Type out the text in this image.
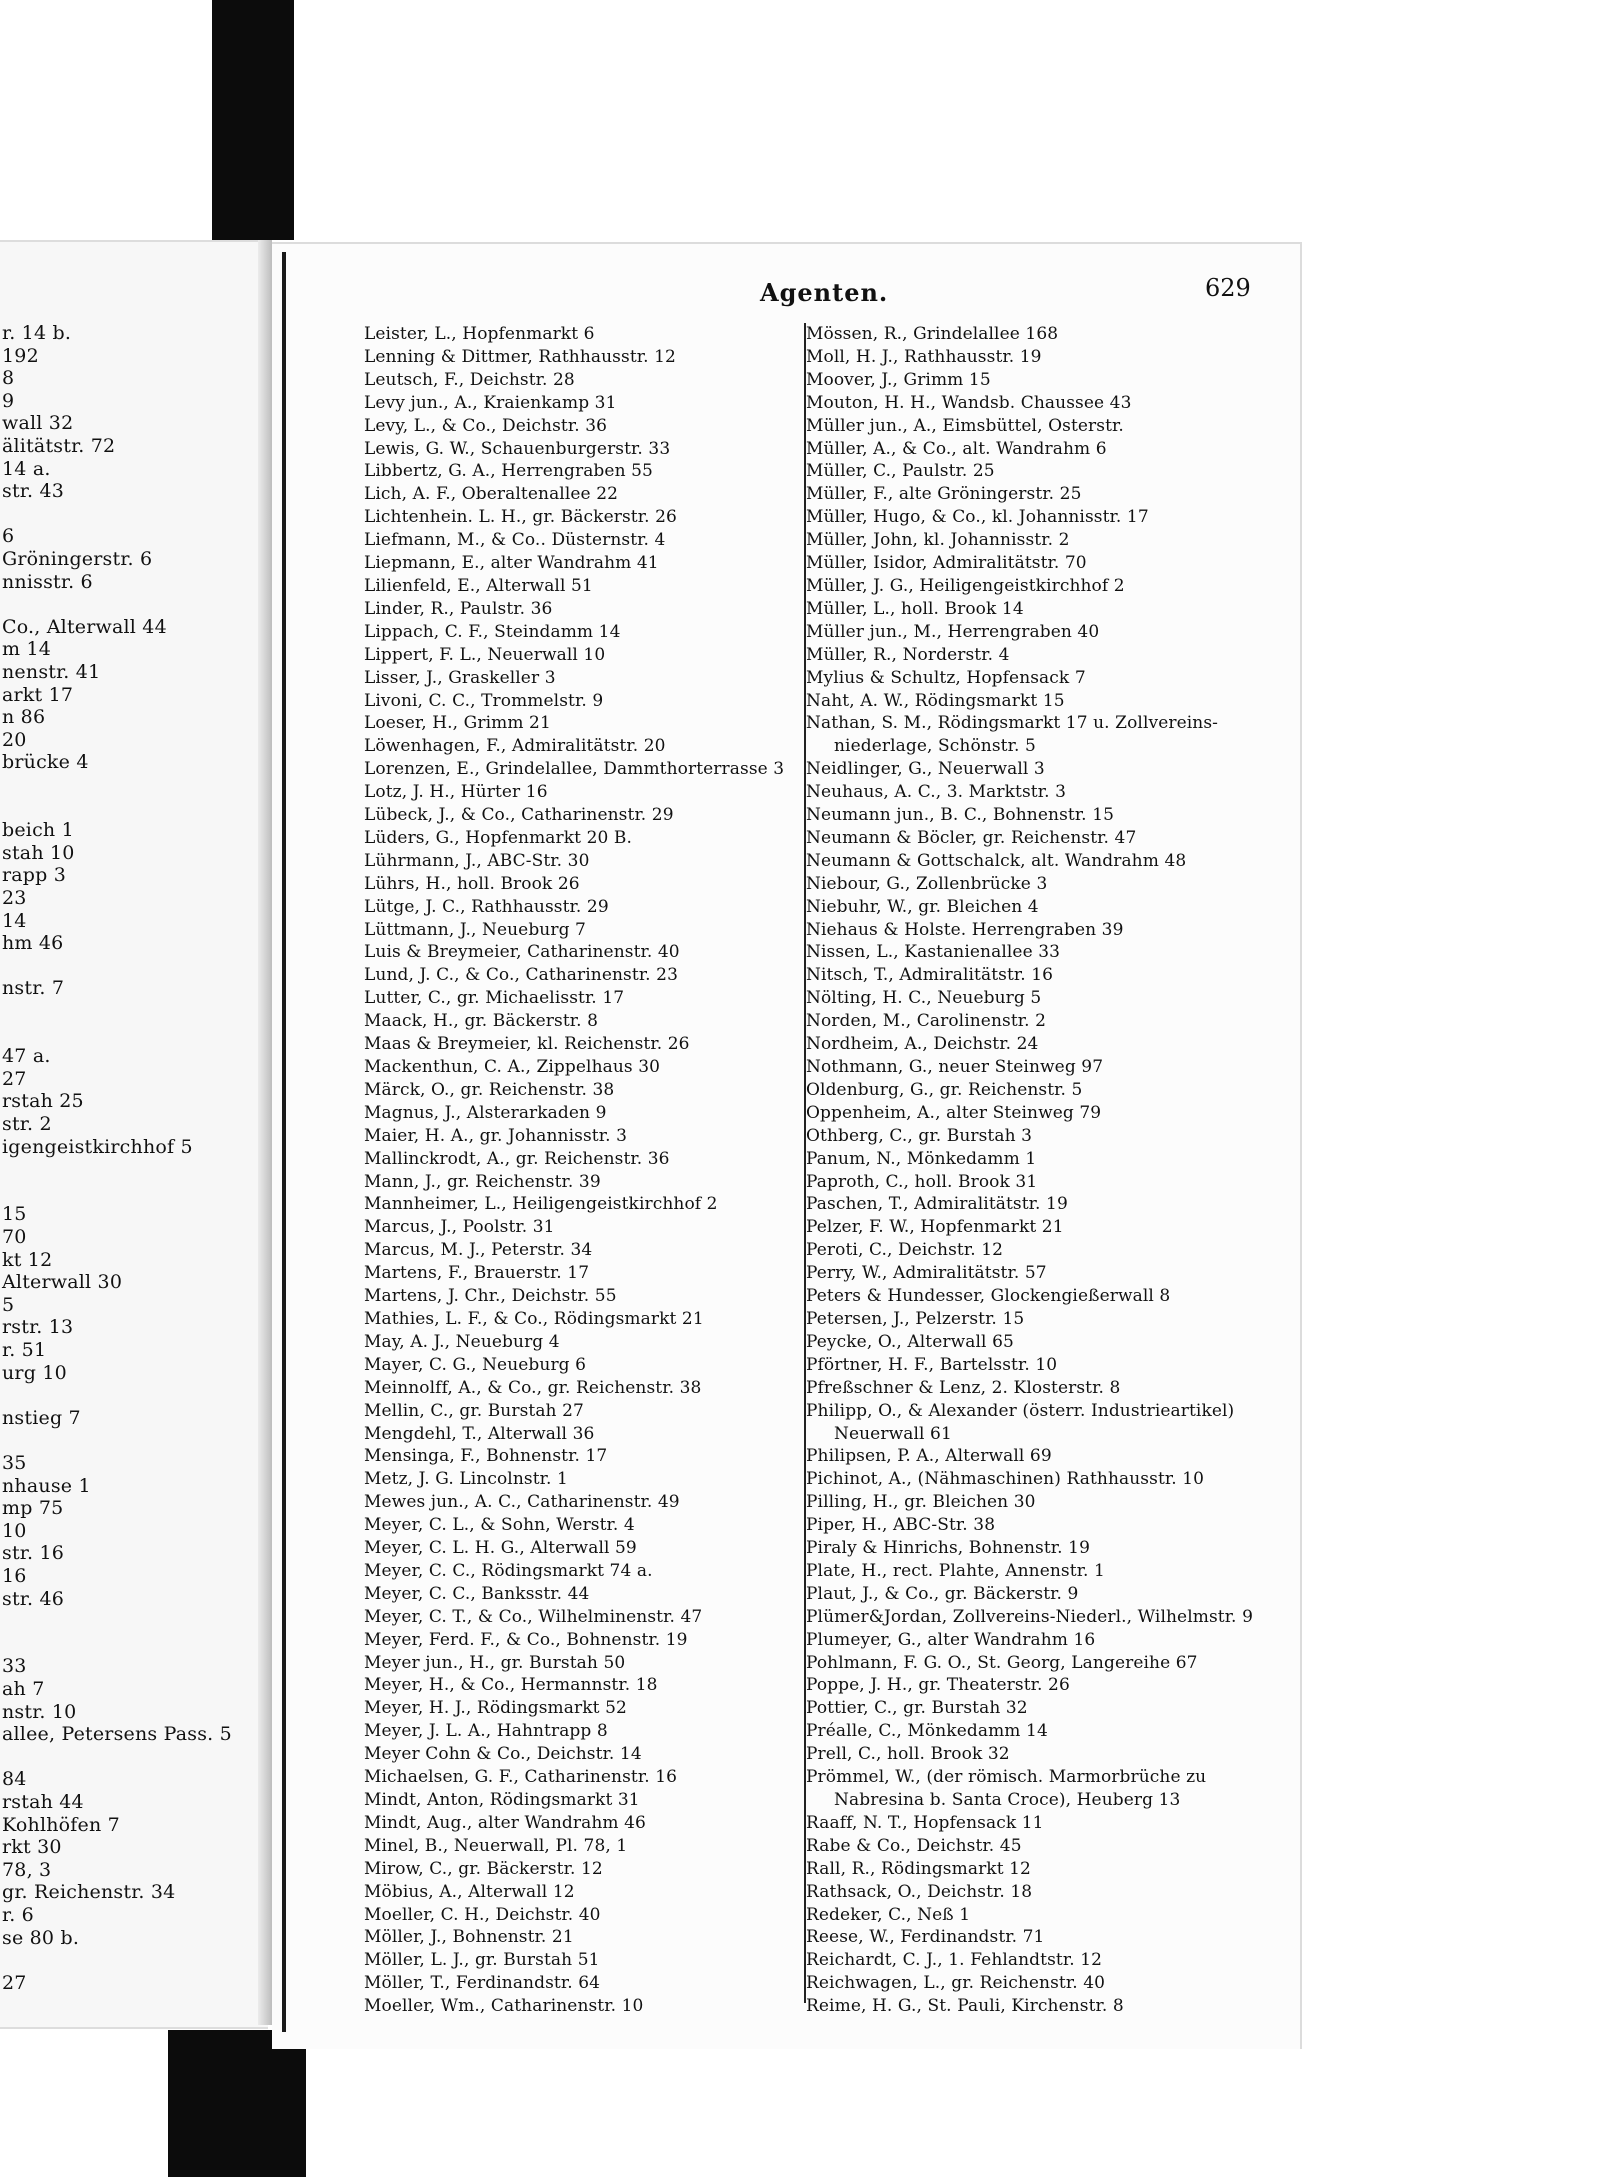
r. 14 b.
192
8
9
wall 32
älitätstr. 72
14 a.
str. 43
6
Gröningerstr. 6
nnisstr. 6
Co., Alterwall 44
m 14
nenstr. 41
arkt 17
n 86
20
brücke 4
beich 1
stah 10
rapp 3
23
14
hm 46
nstr. 7
47 a.
27
rstah 25
str. 2
igengeistkirchhof 5
15
70
kt 12
Alterwall 30
5
rstr. 13
r. 51
urg 10
nstieg 7
35
nhause 1
mp 75
10
str. 16
16
str. 46
33
ah 7
nstr. 10
allee, Petersens Pass. 5
84
rstah 44
Kohlhöfen 7
rkt 30
78, 3
gr. Reichenstr. 34
r. 6
se 80 b.
27
Agenten.	629
Leister, L., Hopfenmarkt 6
Lenning & Dittmer, Rathhausstr. 12
Leutsch, F., Deichstr. 28
Levy jun., A., Kraienkamp 31
Levy, L., & Co., Deichstr. 36
Lewis, G. W., Schauenburgerstr. 33
Libbertz, G. A., Herrengraben 55
Lich, A. F., Oberaltenallee 22
Lichtenhein. L. H., gr. Bäckerstr. 26
Liefmann, M., & Co.. Düsternstr. 4
Liepmann, E., alter Wandrahm 41
Lilienfeld, E., Alterwall 51
Linder, R., Paulstr. 36
Lippach, C. F., Steindamm 14
Lippert, F. L., Neuerwall 10
Lisser, J., Graskeller 3
Livoni, C. C., Trommelstr. 9
Loeser, H., Grimm 21
Löwenhagen, F., Admiralitätstr. 20
Lorenzen, E., Grindelallee, Dammthorterrasse 3
Lotz, J. H., Hürter 16
Lübeck, J., & Co., Catharinenstr. 29
Lüders, G., Hopfenmarkt 20 B.
Lührmann, J., ABC-Str. 30
Lührs, H., holl. Brook 26
Lütge, J. C., Rathhausstr. 29
Lüttmann, J., Neueburg 7
Luis & Breymeier, Catharinenstr. 40
Lund, J. C., & Co., Catharinenstr. 23
Lutter, C., gr. Michaelisstr. 17
Maack, H., gr. Bäckerstr. 8
Maas & Breymeier, kl. Reichenstr. 26
Mackenthun, C. A., Zippelhaus 30
Märck, O., gr. Reichenstr. 38
Magnus, J., Alsterarkaden 9
Maier, H. A., gr. Johannisstr. 3
Mallinckrodt, A., gr. Reichenstr. 36
Mann, J., gr. Reichenstr. 39
Mannheimer, L., Heiligengeistkirchhof 2
Marcus, J., Poolstr. 31
Marcus, M. J., Peterstr. 34
Martens, F., Brauerstr. 17
Martens, J. Chr., Deichstr. 55
Mathies, L. F., & Co., Rödingsmarkt 21
May, A. J., Neueburg 4
Mayer, C. G., Neueburg 6
Meinnolff, A., & Co., gr. Reichenstr. 38
Mellin, C., gr. Burstah 27
Mengdehl, T., Alterwall 36
Mensinga, F., Bohnenstr. 17
Metz, J. G. Lincolnstr. 1
Mewes jun., A. C., Catharinenstr. 49
Meyer, C. L., & Sohn, Werstr. 4
Meyer, C. L. H. G., Alterwall 59
Meyer, C. C., Rödingsmarkt 74 a.
Meyer, C. C., Banksstr. 44
Meyer, C. T., & Co., Wilhelminenstr. 47
Meyer, Ferd. F., & Co., Bohnenstr. 19
Meyer jun., H., gr. Burstah 50
Meyer, H., & Co., Hermannstr. 18
Meyer, H. J., Rödingsmarkt 52
Meyer, J. L. A., Hahntrapp 8
Meyer Cohn & Co., Deichstr. 14
Michaelsen, G. F., Catharinenstr. 16
Mindt, Anton, Rödingsmarkt 31
Mindt, Aug., alter Wandrahm 46
Minel, B., Neuerwall, Pl. 78, 1
Mirow, C., gr. Bäckerstr. 12
Möbius, A., Alterwall 12
Moeller, C. H., Deichstr. 40
Möller, J., Bohnenstr. 21
Möller, L. J., gr. Burstah 51
Möller, T., Ferdinandstr. 64
Moeller, Wm., Catharinenstr. 10
Mössen, R., Grindelallee 168
Moll, H. J., Rathhausstr. 19
Moover, J., Grimm 15
Mouton, H. H., Wandsb. Chaussee 43
Müller jun., A., Eimsbüttel, Osterstr.
Müller, A., & Co., alt. Wandrahm 6
Müller, C., Paulstr. 25
Müller, F., alte Gröningerstr. 25
Müller, Hugo, & Co., kl. Johannisstr. 17
Müller, John, kl. Johannisstr. 2
Müller, Isidor, Admiralitätstr. 70
Müller, J. G., Heiligengeistkirchhof 2
Müller, L., holl. Brook 14
Müller jun., M., Herrengraben 40
Müller, R., Norderstr. 4
Mylius & Schultz, Hopfensack 7
Naht, A. W., Rödingsmarkt 15
Nathan, S. M., Rödingsmarkt 17 u. Zollvereins-
niederlage, Schönstr. 5
Neidlinger, G., Neuerwall 3
Neuhaus, A. C., 3. Marktstr. 3
Neumann jun., B. C., Bohnenstr. 15
Neumann & Böcler, gr. Reichenstr. 47
Neumann & Gottschalck, alt. Wandrahm 48
Niebour, G., Zollenbrücke 3
Niebuhr, W., gr. Bleichen 4
Niehaus & Holste. Herrengraben 39
Nissen, L., Kastanienallee 33
Nitsch, T., Admiralitätstr. 16
Nölting, H. C., Neueburg 5
Norden, M., Carolinenstr. 2
Nordheim, A., Deichstr. 24
Nothmann, G., neuer Steinweg 97
Oldenburg, G., gr. Reichenstr. 5
Oppenheim, A., alter Steinweg 79
Othberg, C., gr. Burstah 3
Panum, N., Mönkedamm 1
Paproth, C., holl. Brook 31
Paschen, T., Admiralitätstr. 19
Pelzer, F. W., Hopfenmarkt 21
Peroti, C., Deichstr. 12
Perry, W., Admiralitätstr. 57
Peters & Hundesser, Glockengießerwall 8
Petersen, J., Pelzerstr. 15
Peycke, O., Alterwall 65
Pförtner, H. F., Bartelsstr. 10
Pfreßschner & Lenz, 2. Klosterstr. 8
Philipp, O., & Alexander (österr. Industrieartikel)
Neuerwall 61
Philipsen, P. A., Alterwall 69
Pichinot, A., (Nähmaschinen) Rathhausstr. 10
Pilling, H., gr. Bleichen 30
Piper, H., ABC-Str. 38
Piraly & Hinrichs, Bohnenstr. 19
Plate, H., rect. Plahte, Annenstr. 1
Plaut, J., & Co., gr. Bäckerstr. 9
Plümer&Jordan, Zollvereins-Niederl., Wilhelmstr. 9
Plumeyer, G., alter Wandrahm 16
Pohlmann, F. G. O., St. Georg, Langereihe 67
Poppe, J. H., gr. Theaterstr. 26
Pottier, C., gr. Burstah 32
Préalle, C., Mönkedamm 14
Prell, C., holl. Brook 32
Prömmel, W., (der römisch. Marmorbrüche zu
Nabresina b. Santa Croce), Heuberg 13
Raaff, N. T., Hopfensack 11
Rabe & Co., Deichstr. 45
Rall, R., Rödingsmarkt 12
Rathsack, O., Deichstr. 18
Redeker, C., Neß 1
Reese, W., Ferdinandstr. 71
Reichardt, C. J., 1. Fehlandtstr. 12
Reichwagen, L., gr. Reichenstr. 40
Reime, H. G., St. Pauli, Kirchenstr. 8
